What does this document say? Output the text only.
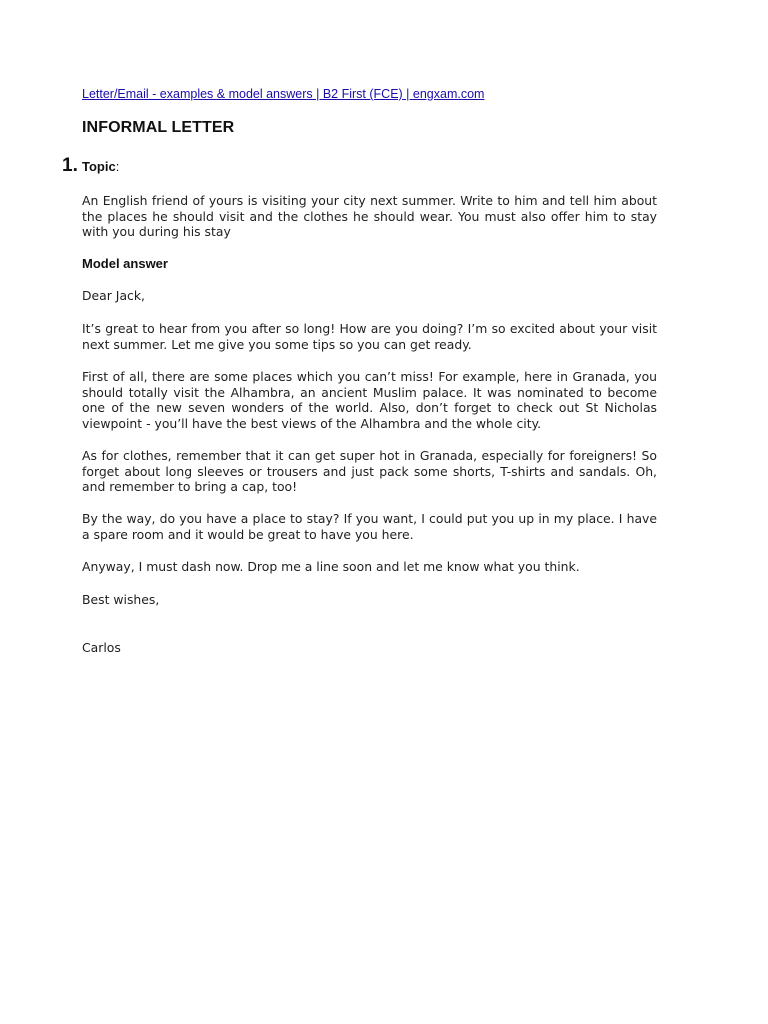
Letter/Email - examples & model answers | B2 First (FCE) | engxam.com
INFORMAL LETTER
1. Topic:

An English friend of yours is visiting your city next summer. Write to him and tell him about the places he should visit and the clothes he should wear. You must also offer him to stay with you during his stay

Model answer

Dear Jack,

It’s great to hear from you after so long! How are you doing? I’m so excited about your visit next summer. Let me give you some tips so you can get ready.

First of all, there are some places which you can’t miss! For example, here in Granada, you should totally visit the Alhambra, an ancient Muslim palace. It was nominated to become one of the new seven wonders of the world. Also, don’t forget to check out St Nicholas viewpoint - you’ll have the best views of the Alhambra and the whole city.

As for clothes, remember that it can get super hot in Granada, especially for foreigners! So forget about long sleeves or trousers and just pack some shorts, T-shirts and sandals. Oh, and remember to bring a cap, too!

By the way, do you have a place to stay? If you want, I could put you up in my place. I have a spare room and it would be great to have you here.

Anyway, I must dash now. Drop me a line soon and let me know what you think.

Best wishes,

Carlos
